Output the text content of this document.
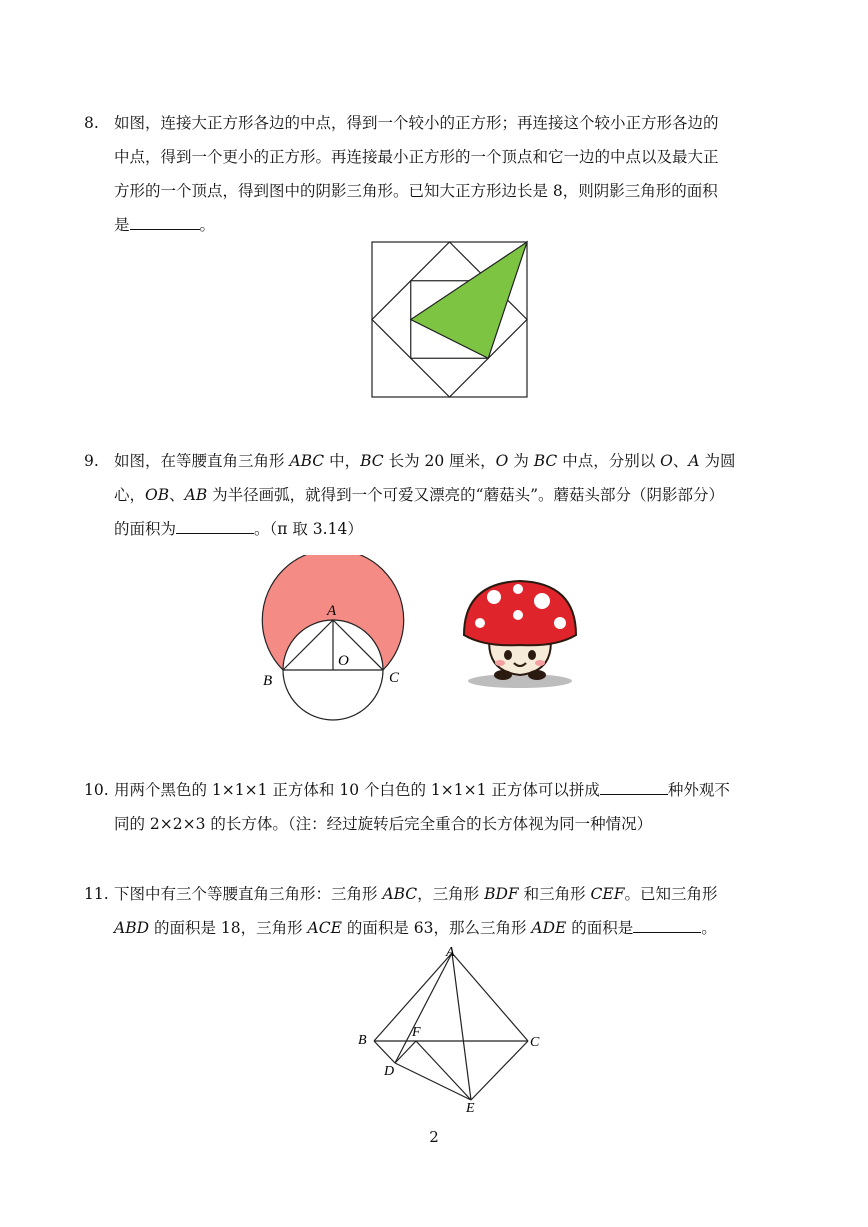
8. 如图，连接大正方形各边的中点，得到一个较小的正方形；再连接这个较小正方形各边的
中点，得到一个更小的正方形。再连接最小正方形的一个顶点和它一边的中点以及最大正
方形的一个顶点，得到图中的阴影三角形。已知大正方形边长是 8，则阴影三角形的面积
是	。
9. 如图，在等腰直角三角形 ABC 中，BC 长为 20 厘米，O 为 BC 中点，分别以 O、A 为圆
心，OB、AB 为半径画弧，就得到一个可爱又漂亮的“蘑菇头”。蘑菇头部分（阴影部分）
的面积为	。（π 取 3.14）
A
O
B	C
10. 用两个黑色的 1×1×1 正方体和 10 个白色的 1×1×1 正方体可以拼成	种外观不
同的 2×2×3 的长方体。（注：经过旋转后完全重合的长方体视为同一种情况）
11. 下图中有三个等腰直角三角形：三角形 ABC，三角形 BDF 和三角形 CEF。已知三角形
ABD 的面积是 18，三角形 ACE 的面积是 63，那么三角形 ADE 的面积是	。
A
B	C
D
E
F
2
